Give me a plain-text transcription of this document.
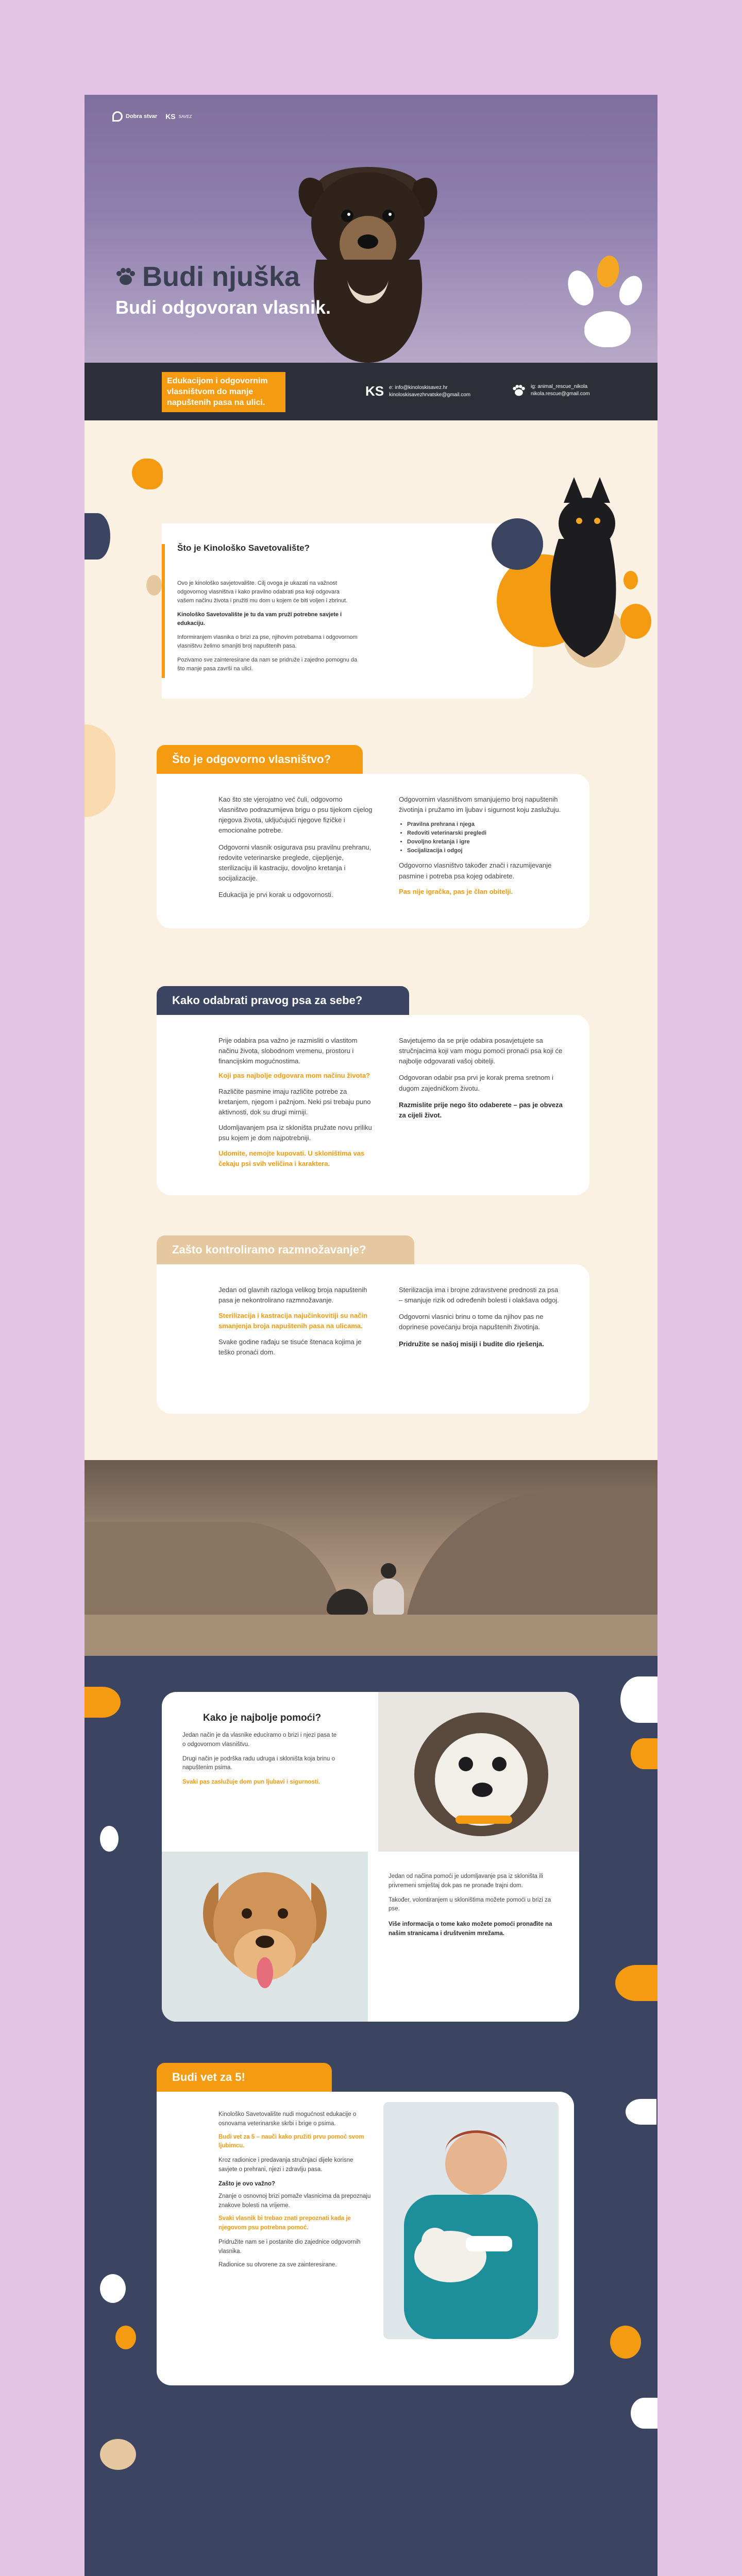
Dobra stvar KS SAVEZ
Budi njuška
Budi odgovoran vlasnik.
Edukacijom i odgovornim vlasništvom do manje napuštenih pasa na ulici.
KS e: info@kinoloskisavez.hr
kinoloskisavezhrvatske@gmail.com
ig: animal_rescue_nikola
nikola.rescue@gmail.com
Što je Kinološko Savetovalište?

Ovo je kinološko savjetovalište. Cilj ovoga je ukazati na važnost odgovornog vlasništva i kako pravilno odabrati psa koji odgovara vašem načinu života i pružiti mu dom u kojem će biti voljen i zbrinut.

Kinološko Savetovalište je tu da vam pruži potrebne savjete i edukaciju.

Informiranjem vlasnika o brizi za pse, njihovim potrebama i odgovornom vlasništvu želimo smanjiti broj napuštenih pasa.

Pozivamo sve zainteresirane da nam se pridruže i zajedno pomognu da što manje pasa završi na ulici.

Što je odgovorno vlasništvo?

Kao što ste vjerojatno već čuli, odgovorno vlasništvo podrazumijeva brigu o psu tijekom cijelog njegova života, uključujući njegove fizičke i emocionalne potrebe.

Odgovorni vlasnik osigurava psu pravilnu prehranu, redovite veterinarske preglede, cijepljenje, sterilizaciju ili kastraciju, dovoljno kretanja i socijalizacije.

Edukacija je prvi korak u odgovornosti.

Odgovornim vlasništvom smanjujemo broj napuštenih životinja i pružamo im ljubav i sigurnost koju zaslužuju.

• Pravilna prehrana i njega
• Redoviti veterinarski pregledi
• Dovoljno kretanja i igre
• Socijalizacija i odgoj

Odgovorno vlasništvo također znači i razumijevanje pasmine i potreba psa kojeg odabirete.

Pas nije igračka, pas je član obitelji.

Kako odabrati pravog psa za sebe?

Prije odabira psa važno je razmisliti o vlastitom načinu života, slobodnom vremenu, prostoru i financijskim mogućnostima.

Koji pas najbolje odgovara mom načinu života?

Različite pasmine imaju različite potrebe za kretanjem, njegom i pažnjom. Neki psi trebaju puno aktivnosti, dok su drugi mirniji.

Udomljavanjem psa iz skloništa pružate novu priliku psu kojem je dom najpotrebniji.

Udomite, nemojte kupovati. U skloništima vas čekaju psi svih veličina i karaktera.

Savjetujemo da se prije odabira posavjetujete sa stručnjacima koji vam mogu pomoći pronaći psa koji će najbolje odgovarati vašoj obitelji.

Odgovoran odabir psa prvi je korak prema sretnom i dugom zajedničkom životu.

Razmislite prije nego što odaberete – pas je obveza za cijeli život.

Zašto kontroliramo razmnožavanje?

Jedan od glavnih razloga velikog broja napuštenih pasa je nekontrolirano razmnožavanje.

Sterilizacija i kastracija najučinkovitiji su način smanjenja broja napuštenih pasa na ulicama.

Svake godine rađaju se tisuće štenaca kojima je teško pronaći dom.

Sterilizacija ima i brojne zdravstvene prednosti za psa – smanjuje rizik od određenih bolesti i olakšava odgoj.

Odgovorni vlasnici brinu o tome da njihov pas ne doprinese povećanju broja napuštenih životinja.

Pridružite se našoj misiji i budite dio rješenja.

Kako je najbolje pomoći?

Jedan način je da vlasnike educiramo o brizi i njezi pasa te o odgovornom vlasništvu.

Drugi način je podrška radu udruga i skloništa koja brinu o napuštenim psima.

Svaki pas zaslužuje dom pun ljubavi i sigurnosti.

Jedan od načina pomoći je udomljavanje psa iz skloništa ili privremeni smještaj dok pas ne pronađe trajni dom.

Također, volontiranjem u skloništima možete pomoći u brizi za pse.

Više informacija o tome kako možete pomoći pronađite na našim stranicama i društvenim mrežama.

Budi vet za 5!

Kinološko Savetovalište nudi mogućnost edukacije o osnovama veterinarske skrbi i brige o psima.

Budi vet za 5 – nauči kako pružiti prvu pomoć svom ljubimcu.

Kroz radionice i predavanja stručnjaci dijele korisne savjete o prehrani, njezi i zdravlju pasa.

Zašto je ovo važno?

Znanje o osnovnoj brizi pomaže vlasnicima da prepoznaju znakove bolesti na vrijeme.

Svaki vlasnik bi trebao znati prepoznati kada je njegovom psu potrebna pomoć.

Pridružite nam se i postanite dio zajednice odgovornih vlasnika.

Radionice su otvorene za sve zainteresirane.
